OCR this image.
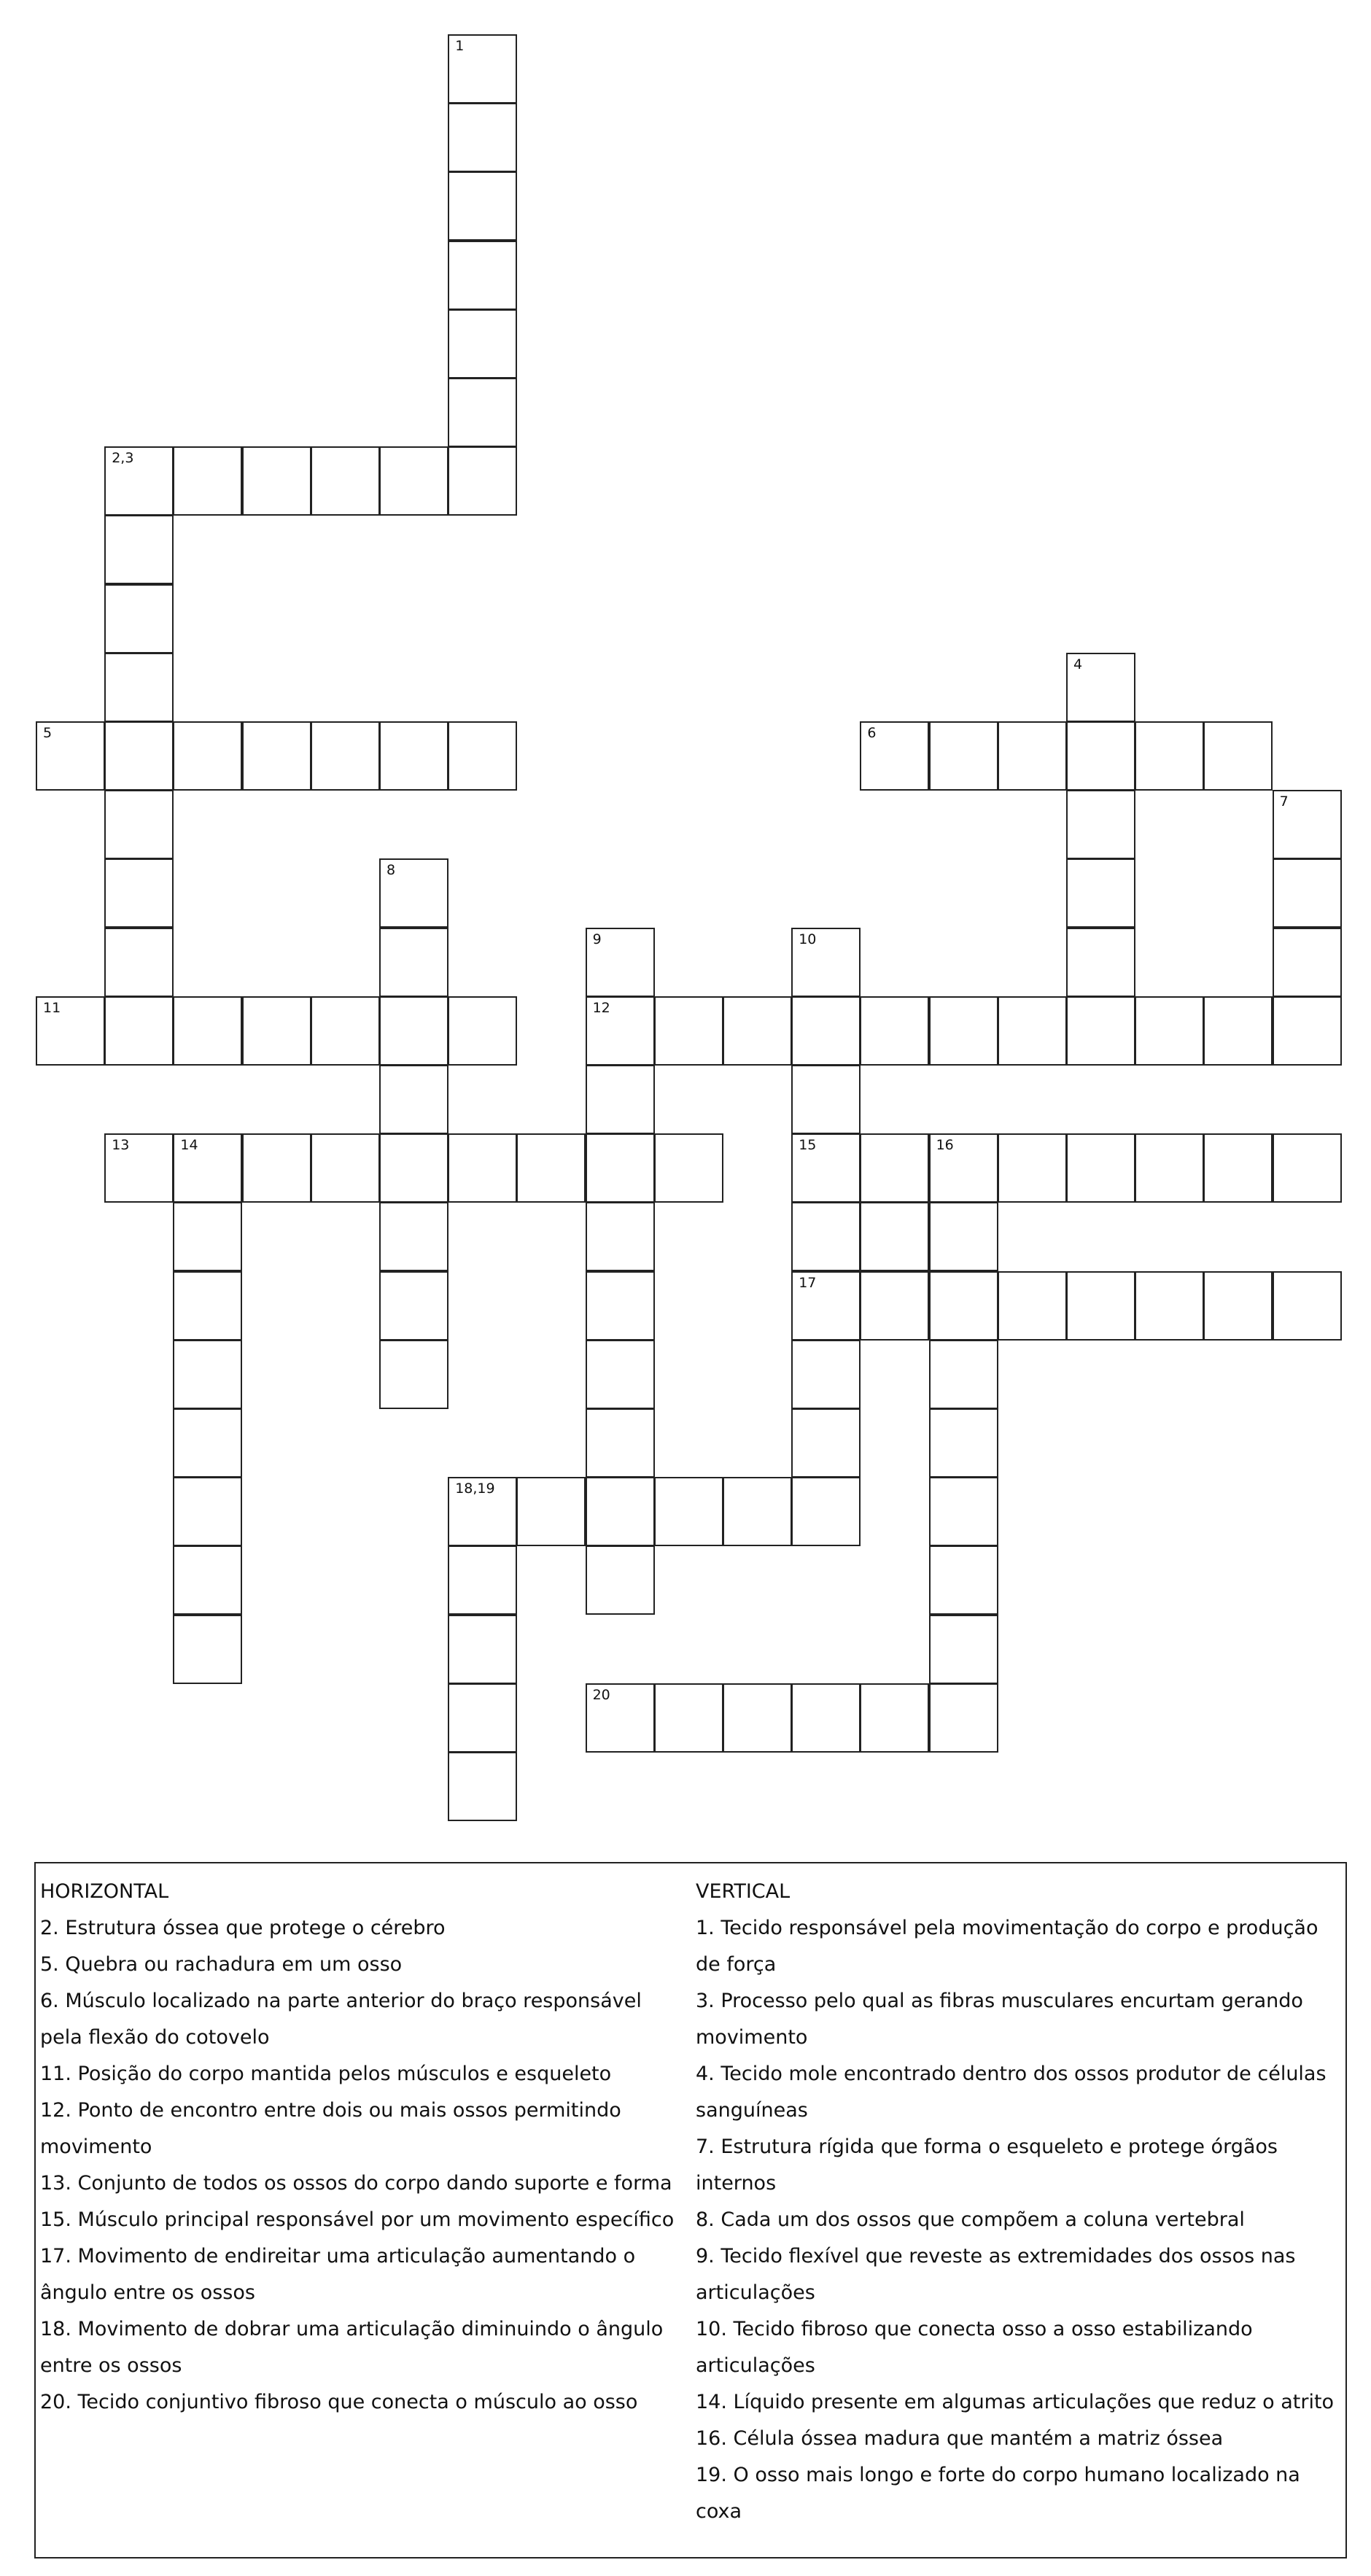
1
2,3
4
5	6
7
8
9	10
11	12
13	14	15	16
17
18,19
20

HORIZONTAL

2. Estrutura óssea que protege o cérebro

5. Quebra ou rachadura em um osso

6. Músculo localizado na parte anterior do braço responsável

pela flexão do cotovelo

11. Posição do corpo mantida pelos músculos e esqueleto

12. Ponto de encontro entre dois ou mais ossos permitindo

movimento

13. Conjunto de todos os ossos do corpo dando suporte e forma

15. Músculo principal responsável por um movimento específico

17. Movimento de endireitar uma articulação aumentando o

ângulo entre os ossos

18. Movimento de dobrar uma articulação diminuindo o ângulo

entre os ossos

20. Tecido conjuntivo fibroso que conecta o músculo ao osso

VERTICAL

1. Tecido responsável pela movimentação do corpo e produção

de força

3. Processo pelo qual as fibras musculares encurtam gerando

movimento

4. Tecido mole encontrado dentro dos ossos produtor de células

sanguíneas

7. Estrutura rígida que forma o esqueleto e protege órgãos

internos

8. Cada um dos ossos que compõem a coluna vertebral

9. Tecido flexível que reveste as extremidades dos ossos nas

articulações

10. Tecido fibroso que conecta osso a osso estabilizando

articulações

14. Líquido presente em algumas articulações que reduz o atrito

16. Célula óssea madura que mantém a matriz óssea

19. O osso mais longo e forte do corpo humano localizado na

coxa
